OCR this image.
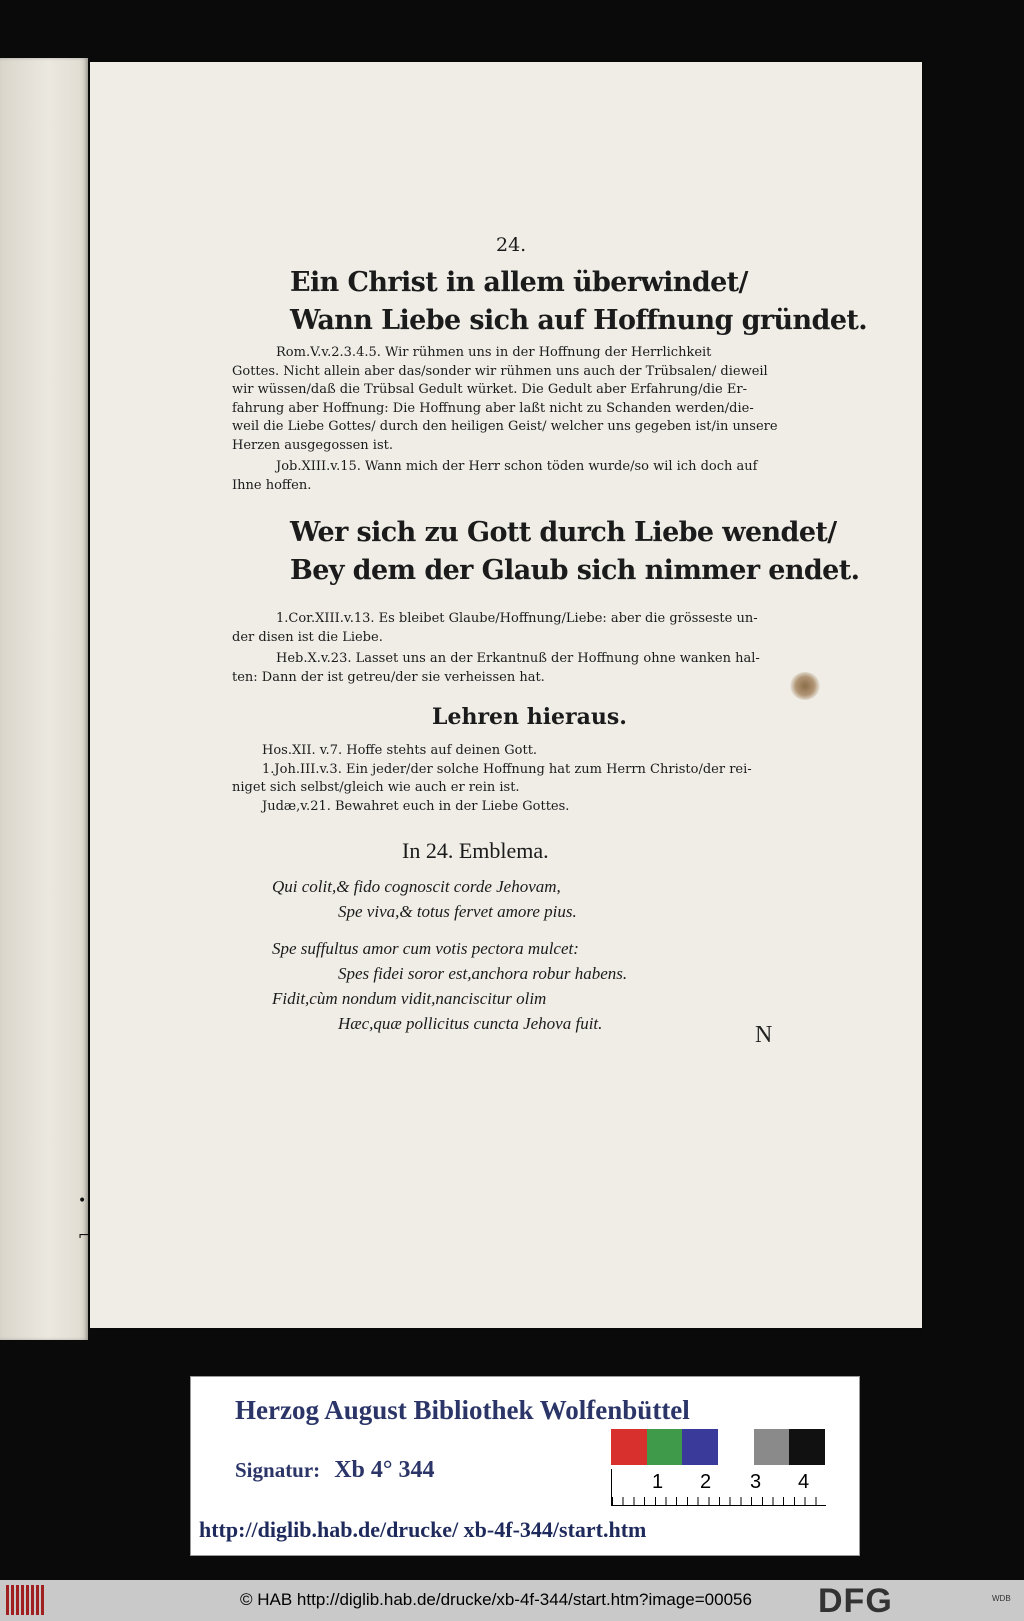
•
⌐
24.
Ein Christ in allem überwindet/
Wann Liebe sich auf Hoffnung gründet.
Rom.V.v.2.3.4.5. Wir rühmen uns in der Hoffnung der Herrlichkeit
Gottes. Nicht allein aber das/sonder wir rühmen uns auch der Trübsalen/ dieweil
wir wüssen/daß die Trübsal Gedult würket. Die Gedult aber Erfahrung/die Er-
fahrung aber Hoffnung: Die Hoffnung aber laßt nicht zu Schanden werden/die-
weil die Liebe Gottes/ durch den heiligen Geist/ welcher uns gegeben ist/in unsere
Herzen ausgegossen ist.
Job.XIII.v.15. Wann mich der Herr schon töden wurde/so wil ich doch auf
Ihne hoffen.
Wer sich zu Gott durch Liebe wendet/
Bey dem der Glaub sich nimmer endet.
1.Cor.XIII.v.13. Es bleibet Glaube/Hoffnung/Liebe: aber die grösseste un-
der disen ist die Liebe.
Heb.X.v.23. Lasset uns an der Erkantnuß der Hoffnung ohne wanken hal-
ten: Dann der ist getreu/der sie verheissen hat.
Lehren hieraus.
Hos.XII. v.7. Hoffe stehts auf deinen Gott.
1.Joh.III.v.3. Ein jeder/der solche Hoffnung hat zum Herrn Christo/der rei-
niget sich selbst/gleich wie auch er rein ist.
Judæ,v.21. Bewahret euch in der Liebe Gottes.
In 24. Emblema.
Qui colit,& fido cognoscit corde Jehovam,
Spe viva,& totus fervet amore pius.
Spe suffultus amor cum votis pectora mulcet:
Spes fidei soror est,anchora robur habens.
Fidit,cùm nondum vidit,nanciscitur olim
Hæc,quæ pollicitus cuncta Jehova fuit.	N
Herzog August Bibliothek Wolfenbüttel
Signatur: Xb 4° 344	1 2 3 4
http://diglib.hab.de/drucke/ xb-4f-344/start.htm
© HAB http://diglib.hab.de/drucke/xb-4f-344/start.htm?image=00056 DFG	WDB
